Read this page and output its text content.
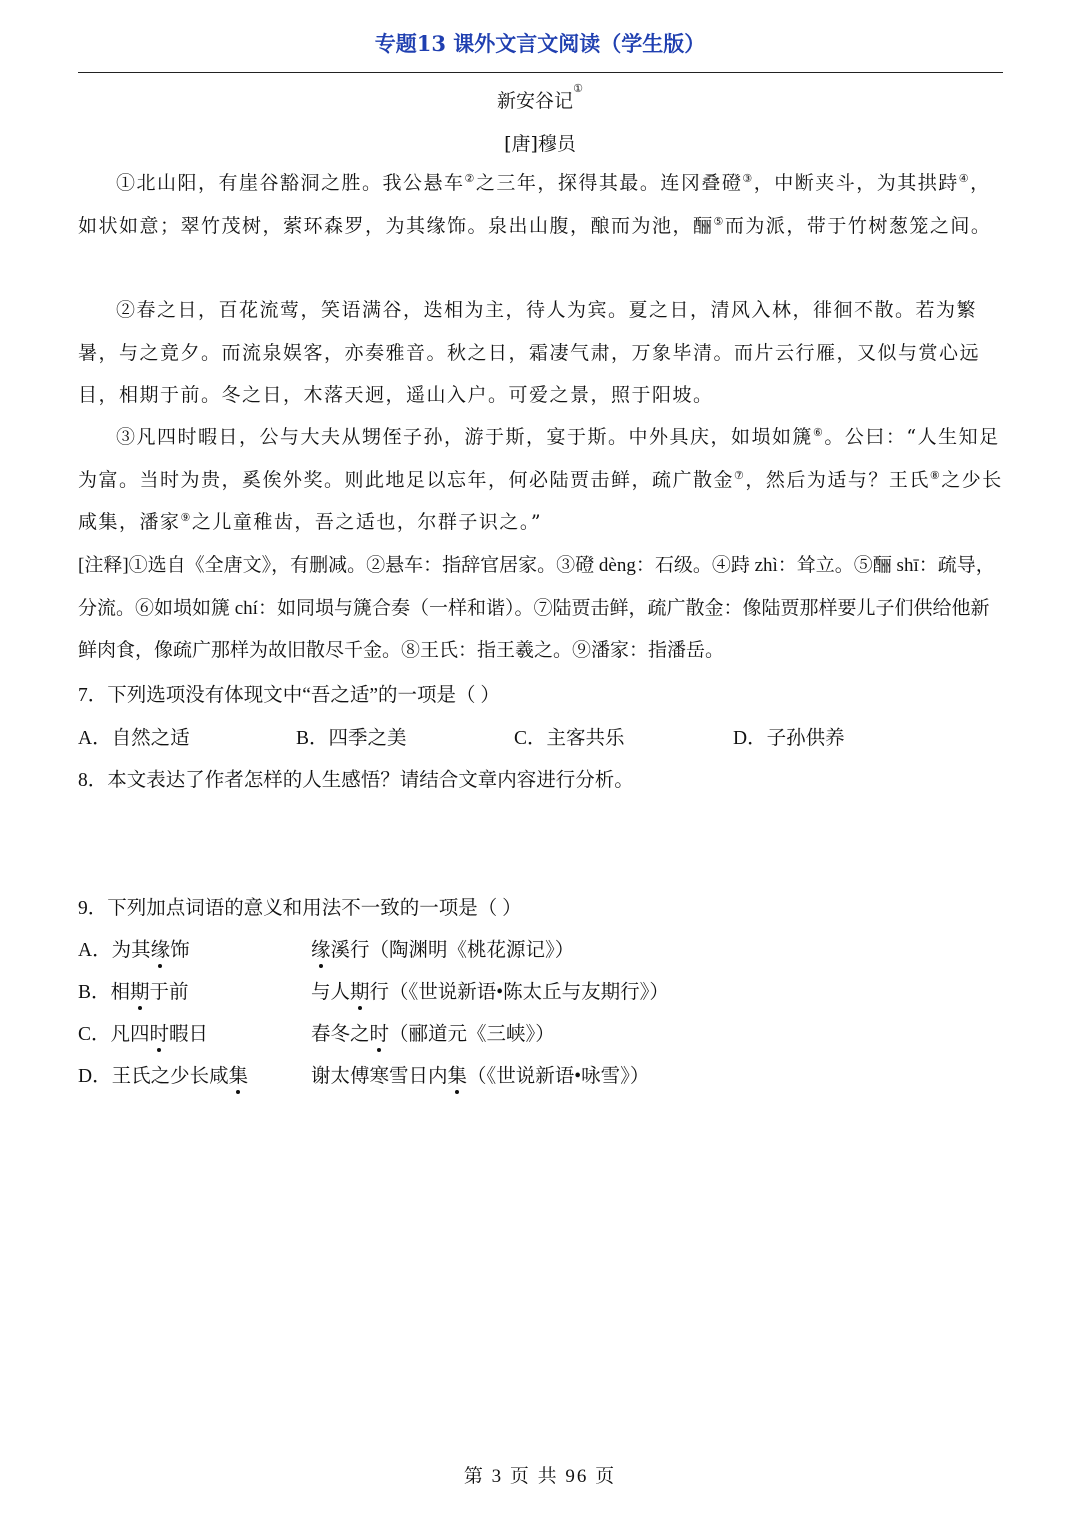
专题13 课外文言文阅读（学生版）
新安谷记①
[唐]穆员
①北山阳，有崖谷豁洞之胜。我公悬车②之三年，探得其最。连冈叠磴③，中断夹斗，为其拱跱④，如状如意；翠竹茂树，萦环森罗，为其缘饰。泉出山腹，酿而为池，酾⑤而为派，带于竹树葱笼之间。
②春之日，百花流莺，笑语满谷，迭相为主，待人为宾。夏之日，清风入林，徘徊不散。若为繁暑，与之竟夕。而流泉娱客，亦奏雅音。秋之日，霜凄气肃，万象毕清。而片云行雁，又似与赏心远目，相期于前。冬之日，木落天迥，遥山入户。可爱之景，照于阳坡。
③凡四时暇日，公与大夫从甥侄子孙，游于斯，宴于斯。中外具庆，如埙如篪⑥。公曰：“人生知足为富。当时为贵，奚俟外奖。则此地足以忘年，何必陆贾击鲜，疏广散金⑦，然后为适与？王氏⑧之少长咸集，潘家⑨之儿童稚齿，吾之适也，尔群子识之。”
[注释]①选自《全唐文》，有删减。②悬车：指辞官居家。③磴 dèng：石级。④跱 zhì：耸立。⑤酾 shī：疏导，分流。⑥如埙如篪 chí：如同埙与篪合奏（一样和谐）。⑦陆贾击鲜，疏广散金：像陆贾那样要儿子们供给他新鲜肉食，像疏广那样为故旧散尽千金。⑧王氏：指王羲之。⑨潘家：指潘岳。
7．下列选项没有体现文中“吾之适”的一项是（ ）
A．自然之适	B．四季之美	C．主客共乐	D．子孙供养
8．本文表达了作者怎样的人生感悟？请结合文章内容进行分析。
9．下列加点词语的意义和用法不一致的一项是（ ）
A．为其缘饰	缘溪行（陶渊明《桃花源记》）
B．相期于前	与人期行（《世说新语•陈太丘与友期行》）
C．凡四时暇日	春冬之时（郦道元《三峡》）
D．王氏之少长咸集	谢太傅寒雪日内集（《世说新语•咏雪》）
第 3 页 共 96 页
